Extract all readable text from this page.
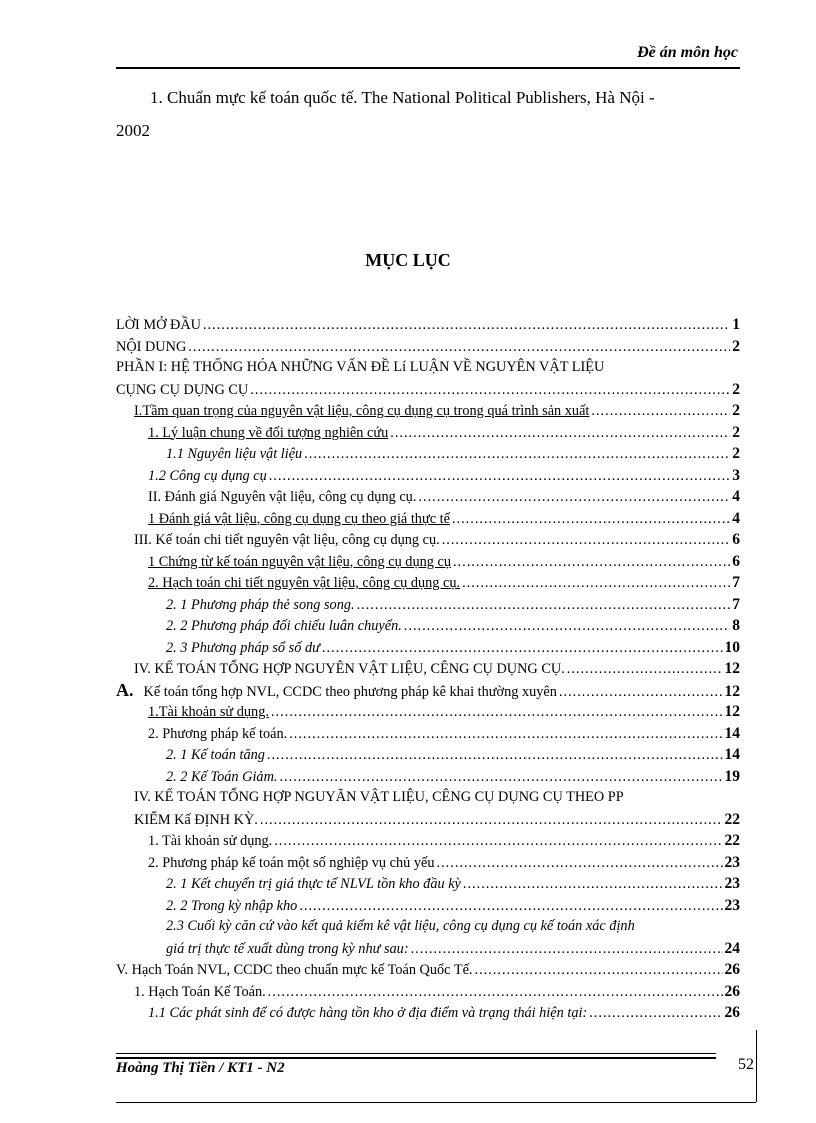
Đề án môn học
1. Chuẩn mực kế toán quốc tế. The National Political Publishers, Hà Nội -
2002
MỤC LỤC
LỜI MỞ ĐẦU .....	1
NỘI DUNG .....	2
PHẦN I: HỆ THỐNG HÓA NHỮNG VẤN ĐỀ Lí LUẬN VỀ NGUYÊN VẬT LIỆU
CỤNG CỤ DỤNG CỤ .....	2
I.Tầm quan trọng của nguyên vật liệu, công cụ dụng cụ trong quá trình sản xuất .....	2
1. Lý luận chung về đối tượng nghiên cứu .....	2
1.1 Nguyên liệu vật liệu .....	2
1.2 Công cụ dụng cụ .....	3
II. Đánh giá Nguyên vật liệu, công cụ dụng cụ. .....	4
1 Đánh giá vật liệu, công cụ dụng cụ theo giá thực tế .....	4
III. Kế toán chi tiết nguyên vật liệu, công cụ dụng cụ. .....	6
1 Chứng từ kế toán nguyên vật liệu, công cụ dụng cụ .....	6
2. Hạch toán chi tiết nguyên vật liệu, công cụ dụng cụ. .....	7
2. 1 Phương pháp thẻ song song. .....	7
2. 2 Phương pháp đối chiếu luân chuyển. .....	8
2. 3 Phương pháp sổ số dư .....	10
IV. KẾ TOÁN TỔNG HỢP NGUYÊN VẬT LIỆU, CÊNG CỤ DỤNG CỤ. .....	12
A. Kế toán tổng hợp NVL, CCDC theo phương pháp kê khai thường xuyên .....	12
1.Tài khoản sử dụng. .....	12
2. Phương pháp kế toán. .....	14
2. 1 Kế toán tăng .....	14
2. 2 Kế Toán Giảm. .....	19
IV. KẾ TOÁN TỔNG HỢP NGUYÃN VẬT LIỆU, CÊNG CỤ DỤNG CỤ THEO PP
KIỂM Kấ ĐỊNH KỲ. .....	22
1. Tài khoản sử dụng. .....	22
2. Phương pháp kế toán một số nghiệp vụ chủ yếu .....	23
2. 1 Kết chuyển trị giá thực tế NLVL tồn kho đầu kỳ .....	23
2. 2 Trong kỳ nhập kho .....	23
2.3 Cuối kỳ căn cứ vào kết quả kiểm kê vật liệu, công cụ dụng cụ kế toán xác định
giá trị thực tế xuất dùng trong kỳ như sau: .....	24
V. Hạch Toán NVL, CCDC theo chuẩn mực kế Toán Quốc Tế. .....	26
1. Hạch Toán Kế Toán. .....	26
1.1 Các phát sinh để có được hàng tồn kho ở địa điểm và trạng thái hiện tại: .....	26
Hoàng Thị Tiền / KT1 - N2	52
